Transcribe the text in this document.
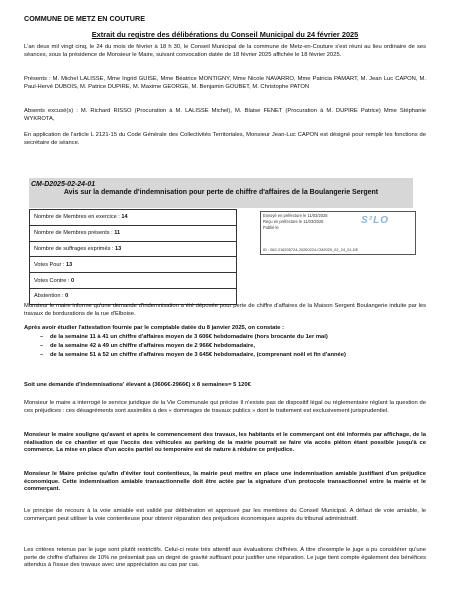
COMMUNE DE METZ EN COUTURE
Extrait du registre des délibérations du Conseil Municipal du 24 février 2025

L'an deux mil vingt cinq, le 24 du mois de février à 18 h 30, le Conseil Municipal de la commune de Metz-en-Couture s'est réuni au lieu ordinaire de ses séances, sous la présidence de Monsieur le Maire, suivant convocation datée de 18 février 2025 affichée le 18 février 2025.

Présents : M. Michel LALISSE, Mme Ingrid GUISE, Mme Béatrice MONTIGNY, Mme Nicole NAVARRO, Mme Patricia PAMART, M. Jean Luc CAPON, M. Paul-Hervé DUBOIS, M. Patrice DUPIRE, M. Maxime GEORGE, M. Benjamin GOUBET, M. Christophe PATON

Absents excusé(s) : M. Richard RISSO (Procuration à M. LALISSE Michel), M. Blaise FENET (Procuration à M. DUPIRE Patrice) Mme Stéphanie WYKROTA,

En application de l'article L 2121-15 du Code Générale des Collectivités Territoriales, Monsieur Jean-Luc CAPON est désigné pour remplir les fonctions de secrétaire de séance.

CM-D2025-02-24-01
Avis sur la demande d'indemnisation pour perte de chiffre d'affaires de la Boulangerie Sergent
Nombre de Membres en exercice : 14
Nombre de Membres présents : 11
Nombre de suffrages exprimés : 13

Votes Pour : 13
Votes Contre : 0
Abstention : 0
Envoyé en préfecture le 11/03/2025
Reçu en préfecture le 11/03/2025
Publié le
S²LO
ID : 062-216205724-20250224-CM2025_02_24_01-DE

Monsieur le maire informe qu'une demande d'indemnisation a été déposée pour perte de chiffre d'affaires de la Maison Sergent Boulangerie induite par les travaux de bordurations de la rue d'Elboise.

Après avoir étudier l'attestation fournie par le comptable datée du 8 janvier 2025, on constate :

– de la semaine 11 à 41 un chiffre d'affaires moyen de 3 606€ hebdomadaire (hors brocante du 1er mai)
– de la semaine 42 à 49 un chiffre d'affaires moyen de 2 966€ hebdomadaire,
– de la semaine 51 à 52 un chiffre d'affaires moyen de 3 645€ hebdomadaire, (comprenant noël et fin d'année)

Soit une demande d'indemnisations' élevant à (3606€-2966€) x 8 semaines= 5 120€

Monsieur le maire a interrogé le service juridique de la Vie Communale qui précise Il n'existe pas de dispositif légal ou réglementaire réglant la question de ces préjudices : ces désagréments sont assimilés à des « dommages de travaux publics » dont le traitement est exclusivement jurisprudentiel.

Monsieur le maire souligne qu'avant et après le commencement des travaux, les habitants et le commerçant ont été informés par affichage, de la réalisation de ce chantier et que l'accès des véhicules au parking de la mairie pourrait se faire via accès piéton étant possible jusqu'à ce commerce. La mise en place d'un accès partiel ou temporaire est de nature à réduire ce préjudice.

Monsieur le Maire précise qu'afin d'éviter tout contentieux, la mairie peut mettre en place une indemnisation amiable justifiant d'un préjudice économique. Cette indemnisation amiable transactionnelle doit être actée par la signature d'un protocole transactionnel entre la mairie et le commerçant.

Le principe de recours à la voie amiable est validé par délibération et approuvé par les membres du Conseil Municipal. A défaut de voie amiable, le commerçant peut utiliser la voie contentieuse pour obtenir réparation des préjudices économiques auprès du tribunal administratif.

Les critères retenus par le juge sont plutôt restrictifs. Celui-ci reste très attentif aux évaluations chiffrées. A titre d'exemple le juge a pu considérer qu'une perte de chiffre d'affaires de 10% ne présentait pas un degré de gravité suffisant pour justifier une réparation. Le juge tient compte également des bénéfices attendus à l'issue des travaux avec une appréciation au cas par cas.
